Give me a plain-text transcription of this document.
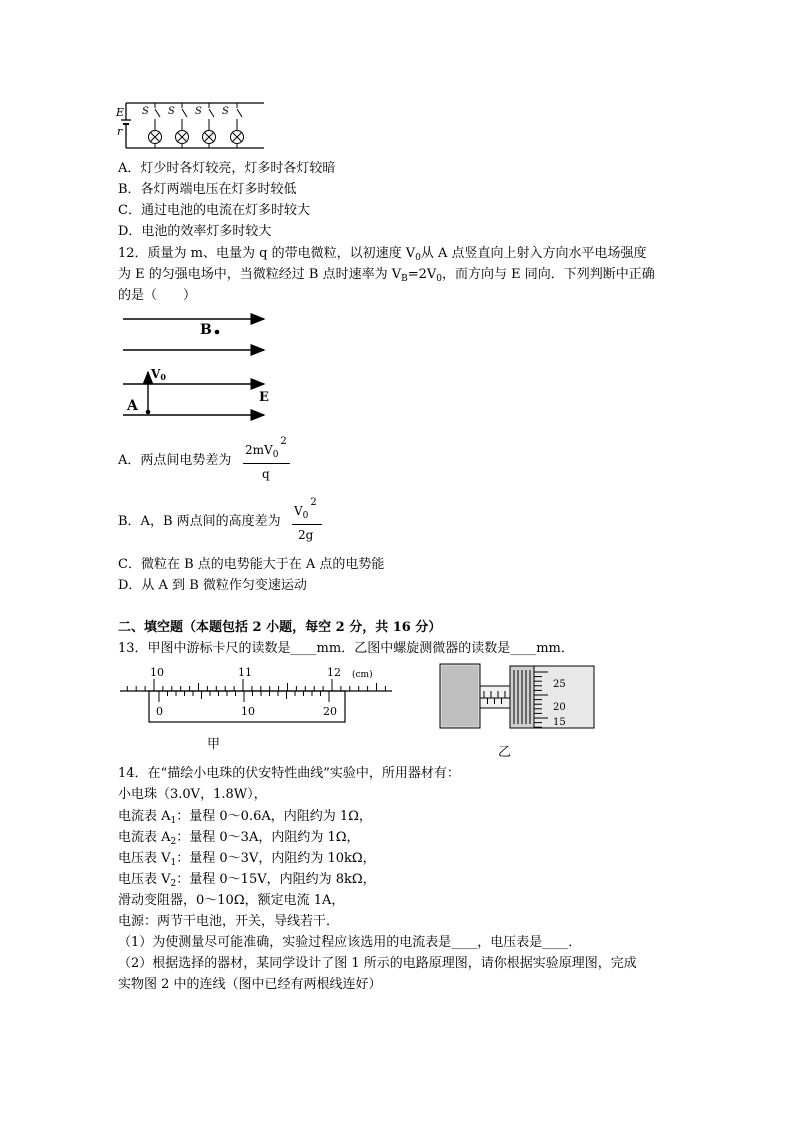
E
r
S S S S
A．灯少时各灯较亮，灯多时各灯较暗
B．各灯两端电压在灯多时较低
C．通过电池的电流在灯多时较大
D．电池的效率灯多时较大
12．质量为 m、电量为 q 的带电微粒，以初速度 $V_0$从 A 点竖直向上射入方向水平电场强度
为 E 的匀强电场中，当微粒经过 B 点时速率为 $V_B=2V_0$，而方向与 E 同向．下列判断中正确
的是（　　）
B
V0
A
E
A．两点间电势差为
$2mV_0^2$
q
B．A，B 两点间的高度差为
$V_0^2$
2g
C．微粒在 B 点的电势能大于在 A 点的电势能
D．从 A 到 B 微粒作匀变速运动
二、填空题（本题包括 2 小题，每空 2 分，共 16 分）
13．甲图中游标卡尺的读数是____mm．乙图中螺旋测微器的读数是____mm．
10	11	12 (cm)
0	10	20
甲
25
20
15
乙
14．在“描绘小电珠的伏安特性曲线”实验中，所用器材有：
小电珠（3.0V，1.8W），
电流表 $A_1$：量程 0～0.6A，内阻约为 1Ω，
电流表 $A_2$：量程 0～3A，内阻约为 1Ω，
电压表 $V_1$：量程 0～3V，内阻约为 10kΩ，
电压表 $V_2$：量程 0～15V，内阻约为 8kΩ，
滑动变阻器，0～10Ω，额定电流 1A，
电源：两节干电池，开关，导线若干．
（1）为使测量尽可能准确，实验过程应该选用的电流表是____，电压表是____．
（2）根据选择的器材，某同学设计了图 1 所示的电路原理图，请你根据实验原理图，完成
实物图 2 中的连线（图中已经有两根线连好）
